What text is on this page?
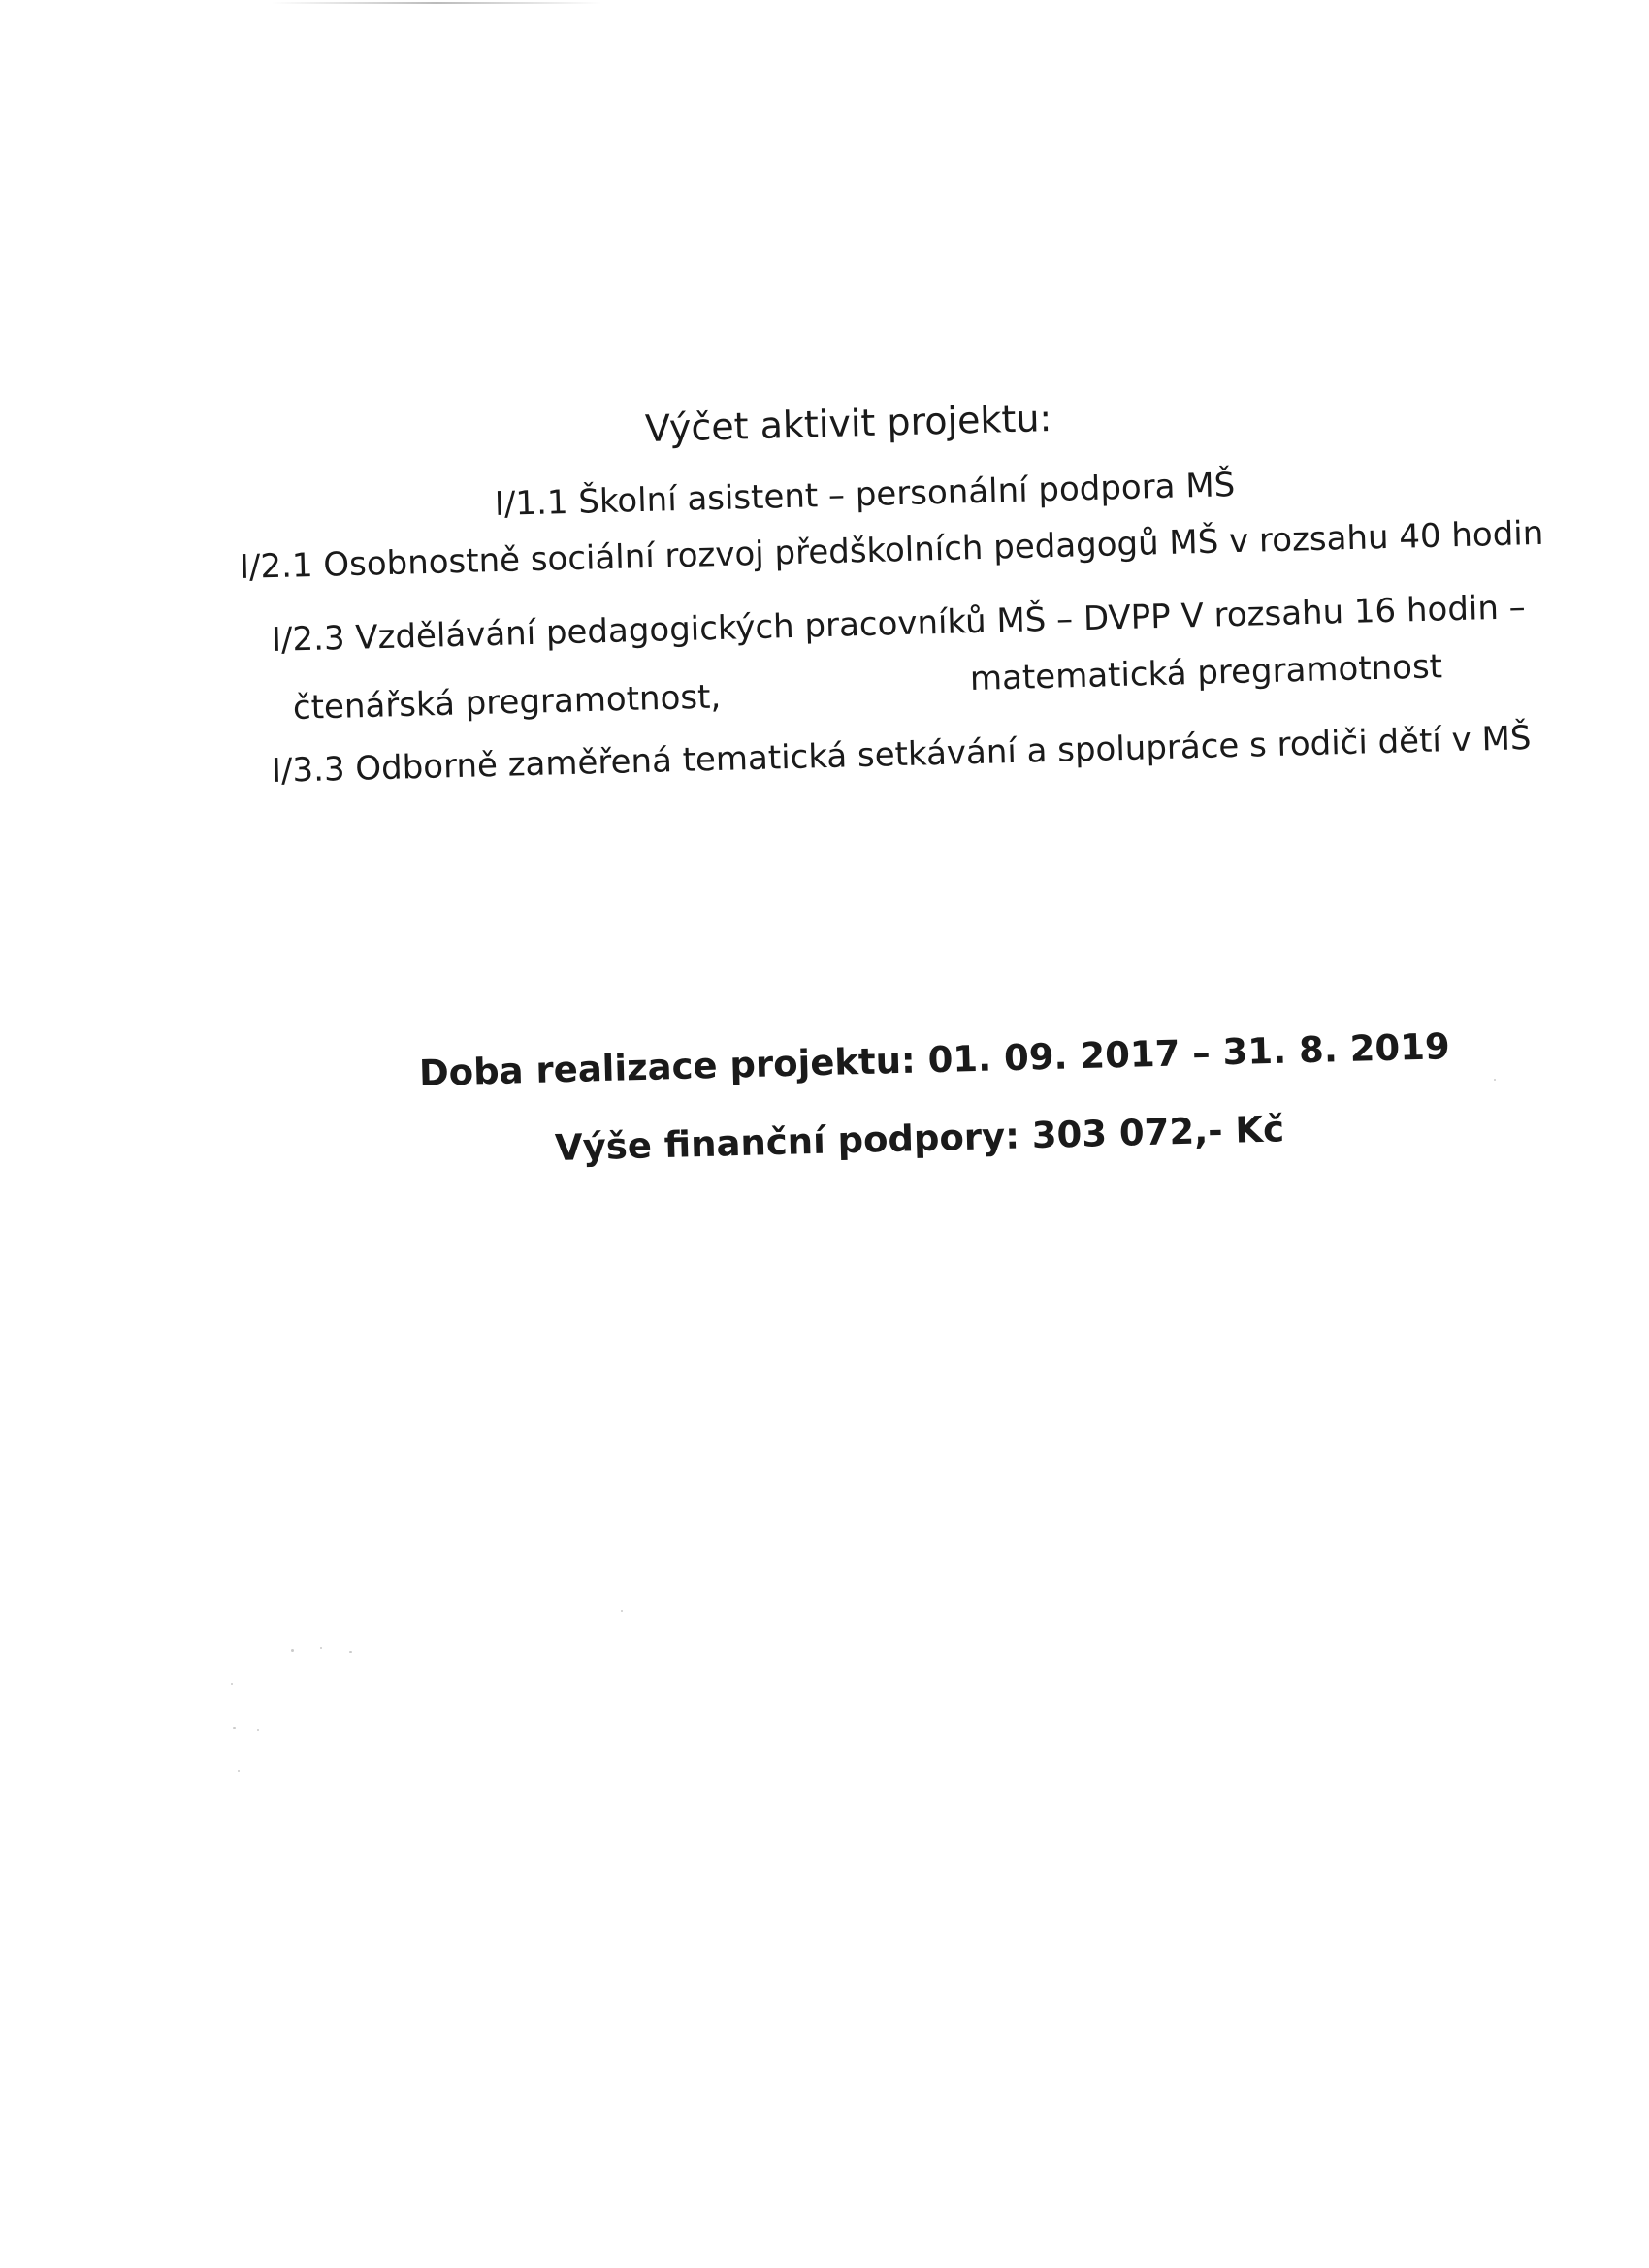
Výčet aktivit projektu:
I/1.1 Školní asistent – personální podpora MŠ
I/2.1 Osobnostně sociální rozvoj předškolních pedagogů MŠ v rozsahu 40 hodin
I/2.3 Vzdělávání pedagogických pracovníků MŠ – DVPP V rozsahu 16 hodin –
čtenářská pregramotnost,
matematická pregramotnost
I/3.3 Odborně zaměřená tematická setkávání a spolupráce s rodiči dětí v MŠ
Doba realizace projektu: 01. 09. 2017 – 31. 8. 2019
Výše finanční podpory: 303 072,- Kč
